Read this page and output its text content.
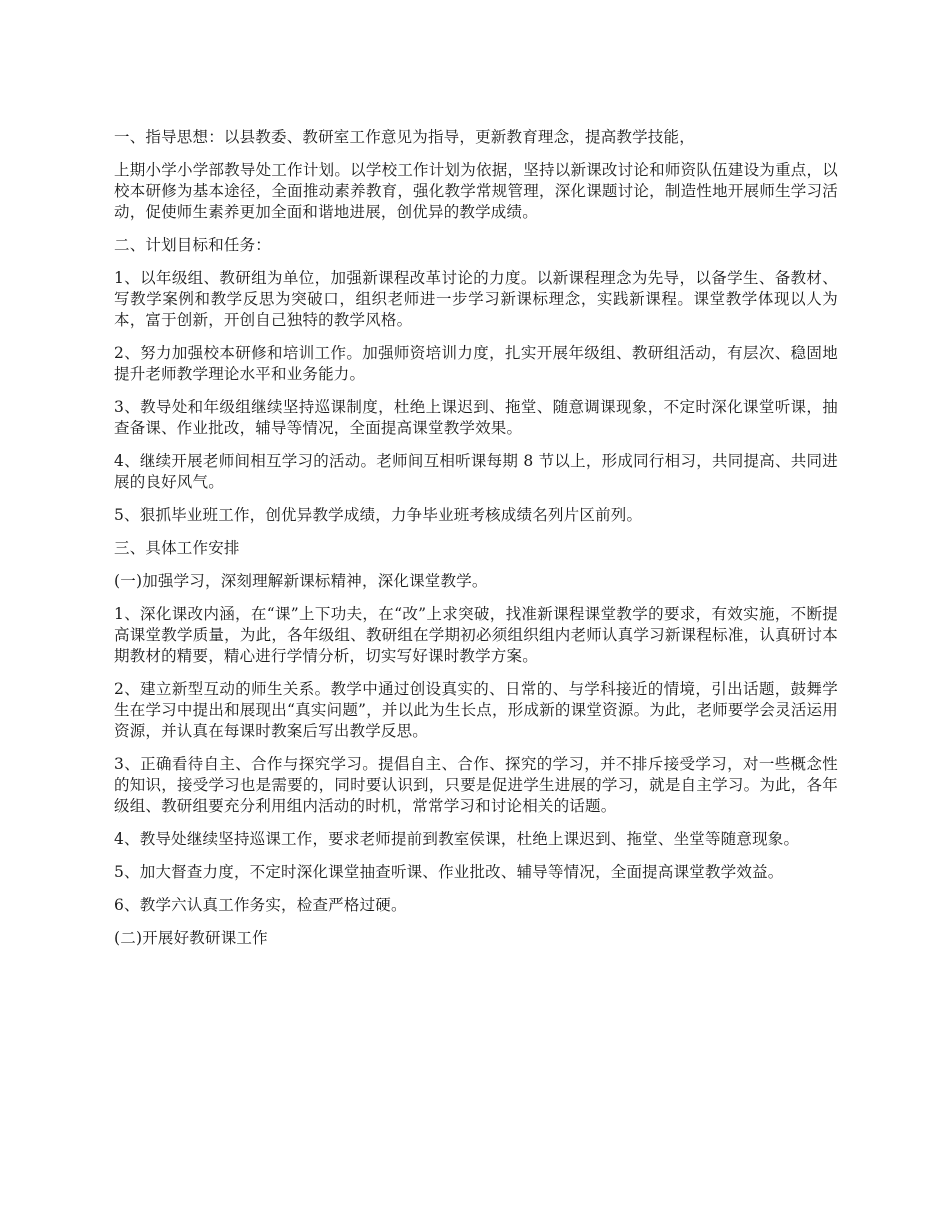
一、指导思想：以县教委、教研室工作意见为指导，更新教育理念，提高教学技能，

上期小学小学部教导处工作计划。以学校工作计划为依据，坚持以新课改讨论和师资队伍建设为重点，以校本研修为基本途径，全面推动素养教育，强化教学常规管理，深化课题讨论，制造性地开展师生学习活动，促使师生素养更加全面和谐地进展，创优异的教学成绩。

二、计划目标和任务：

1、以年级组、教研组为单位，加强新课程改革讨论的力度。以新课程理念为先导，以备学生、备教材、写教学案例和教学反思为突破口，组织老师进一步学习新课标理念，实践新课程。课堂教学体现以人为本，富于创新，开创自己独特的教学风格。

2、努力加强校本研修和培训工作。加强师资培训力度，扎实开展年级组、教研组活动，有层次、稳固地提升老师教学理论水平和业务能力。

3、教导处和年级组继续坚持巡课制度，杜绝上课迟到、拖堂、随意调课现象，不定时深化课堂听课，抽查备课、作业批改，辅导等情况，全面提高课堂教学效果。

4、继续开展老师间相互学习的活动。老师间互相听课每期 8 节以上，形成同行相习，共同提高、共同进展的良好风气。

5、狠抓毕业班工作，创优异教学成绩，力争毕业班考核成绩名列片区前列。

三、具体工作安排

(一)加强学习，深刻理解新课标精神，深化课堂教学。

1、深化课改内涵，在“课”上下功夫，在“改”上求突破，找准新课程课堂教学的要求，有效实施，不断提高课堂教学质量，为此，各年级组、教研组在学期初必须组织组内老师认真学习新课程标准，认真研讨本期教材的精要，精心进行学情分析，切实写好课时教学方案。

2、建立新型互动的师生关系。教学中通过创设真实的、日常的、与学科接近的情境，引出话题，鼓舞学生在学习中提出和展现出“真实问题”，并以此为生长点，形成新的课堂资源。为此，老师要学会灵活运用资源，并认真在每课时教案后写出教学反思。

3、正确看待自主、合作与探究学习。提倡自主、合作、探究的学习，并不排斥接受学习，对一些概念性的知识，接受学习也是需要的，同时要认识到，只要是促进学生进展的学习，就是自主学习。为此，各年级组、教研组要充分利用组内活动的时机，常常学习和讨论相关的话题。

4、教导处继续坚持巡课工作，要求老师提前到教室侯课，杜绝上课迟到、拖堂、坐堂等随意现象。

5、加大督查力度，不定时深化课堂抽查听课、作业批改、辅导等情况，全面提高课堂教学效益。

6、教学六认真工作务实，检查严格过硬。

(二)开展好教研课工作
